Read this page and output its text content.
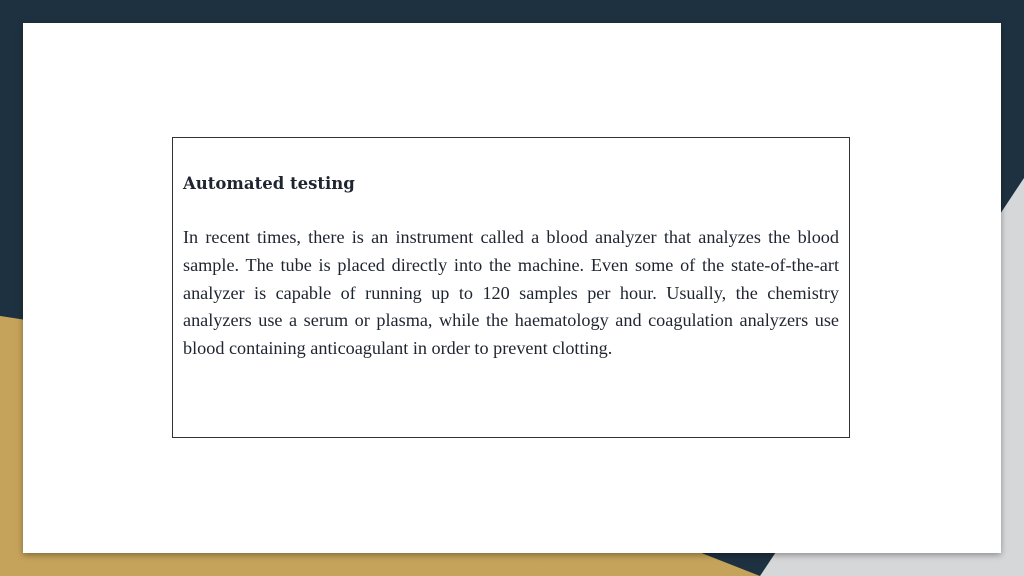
Automated testing

In recent times, there is an instrument called a blood analyzer that analyzes the blood sample. The tube is placed directly into the machine. Even some of the state-of-the-art analyzer is capable of running up to 120 samples per hour. Usually, the chemistry analyzers use a serum or plasma, while the haematology and coagulation analyzers use blood containing anticoagulant in order to prevent clotting.
